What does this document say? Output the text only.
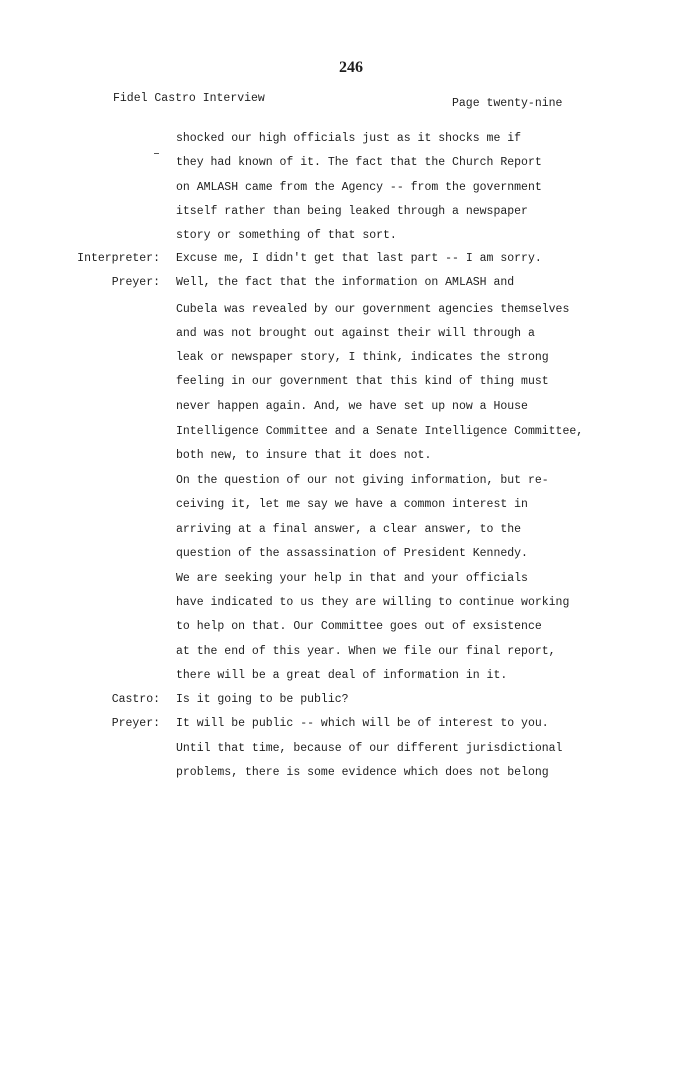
246
Fidel Castro Interview	Page twenty-nine
Interpreter:
Preyer:
Castro:
Preyer:
shocked our high officials just as it shocks me if
they had known of it. The fact that the Church Report
on AMLASH came from the Agency -- from the government
itself rather than being leaked through a newspaper
story or something of that sort.
Excuse me, I didn't get that last part -- I am sorry.
Well, the fact that the information on AMLASH and
Cubela was revealed by our government agencies themselves
and was not brought out against their will through a
leak or newspaper story, I think, indicates the strong
feeling in our government that this kind of thing must
never happen again. And, we have set up now a House
Intelligence Committee and a Senate Intelligence Committee,
both new, to insure that it does not.
On the question of our not giving information, but re-
ceiving it, let me say we have a common interest in
arriving at a final answer, a clear answer, to the
question of the assassination of President Kennedy.
We are seeking your help in that and your officials
have indicated to us they are willing to continue working
to help on that. Our Committee goes out of exsistence
at the end of this year. When we file our final report,
there will be a great deal of information in it.
Is it going to be public?
It will be public -- which will be of interest to you.
Until that time, because of our different jurisdictional
problems, there is some evidence which does not belong
